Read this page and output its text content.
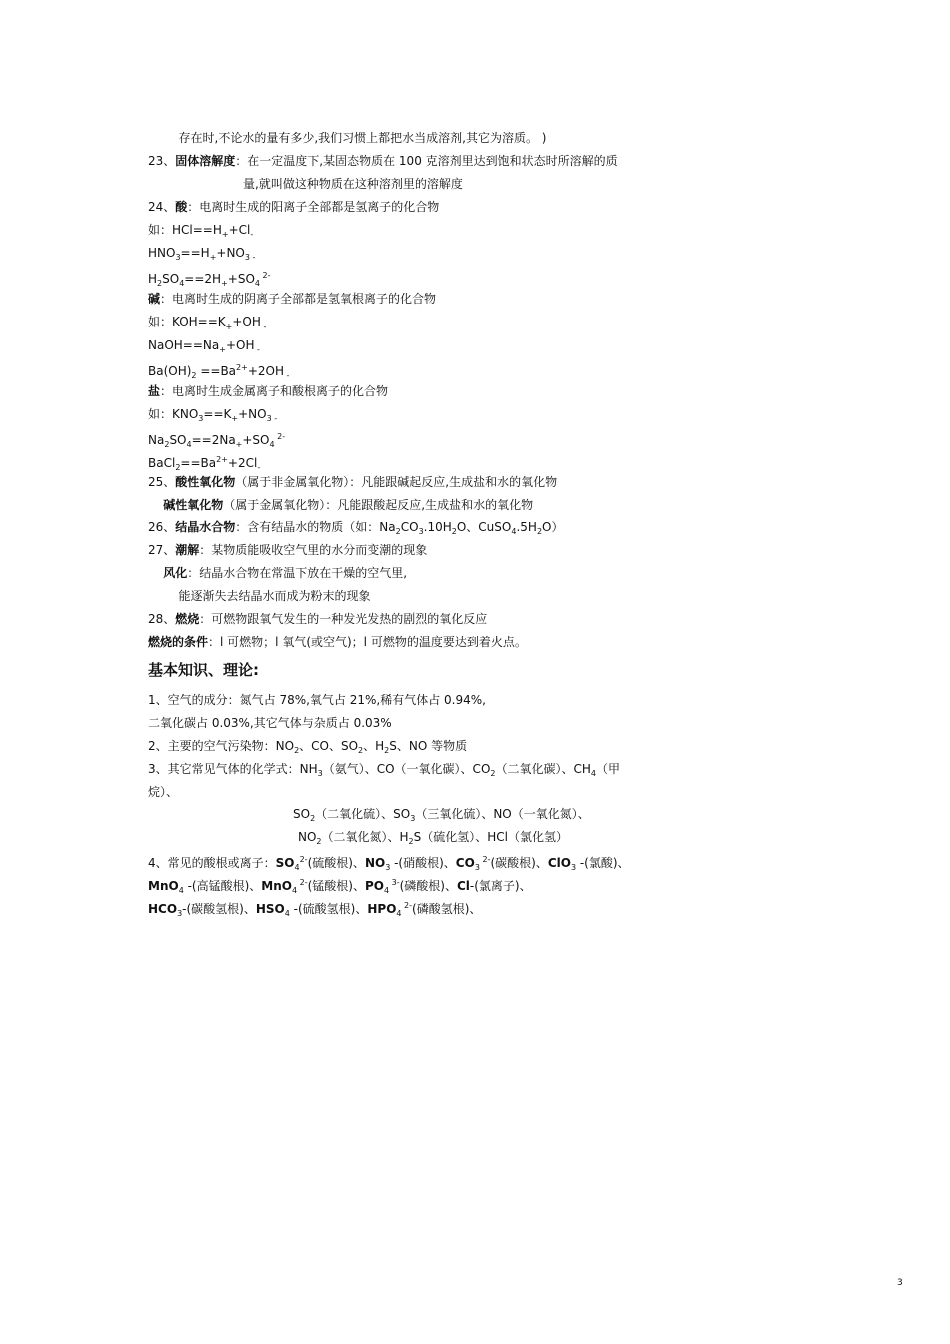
存在时,不论水的量有多少,我们习惯上都把水当成溶剂,其它为溶质。 )
23、固体溶解度：在一定温度下,某固态物质在 100 克溶剂里达到饱和状态时所溶解的质
量,就叫做这种物质在这种溶剂里的溶解度
24、酸：电离时生成的阳离子全部都是氢离子的化合物
如：$HCl==H_++Cl_-$
$HNO_3==H_++NO_3$ $_-$
$H_2SO_4==2H_++SO_4$ $^{2-}$
碱：电离时生成的阴离子全部都是氢氧根离子的化合物
如：$KOH==K_++OH$ $_-$
$NaOH==Na_++OH$ $_-$
$Ba(OH)_2 ==Ba^{2+}+2OH$ $_-$
盐：电离时生成金属离子和酸根离子的化合物
如：$KNO_3==K_++NO_3$ $_-$
$Na_2SO_4==2Na_++SO_4$ $^{2-}$
$BaCl_2==Ba^{2+}+2Cl_-$
25、酸性氧化物（属于非金属氧化物）：凡能跟碱起反应,生成盐和水的氧化物
碱性氧化物（属于金属氧化物）：凡能跟酸起反应,生成盐和水的氧化物
26、结晶水合物：含有结晶水的物质（如：$Na_2CO_3.10H_2O$、$CuSO_4.5H_2O$）
27、潮解：某物质能吸收空气里的水分而变潮的现象
风化：结晶水合物在常温下放在干燥的空气里,
能逐渐失去结晶水而成为粉末的现象
28、燃烧：可燃物跟氧气发生的一种发光发热的剧烈的氧化反应
燃烧的条件：l 可燃物；l 氧气(或空气)；l 可燃物的温度要达到着火点。
基本知识、理论:
1、空气的成分：氮气占 78%,氧气占 21%,稀有气体占 0.94%,
二氧化碳占 0.03%,其它气体与杂质占 0.03%
2、主要的空气污染物：$NO_2$、CO、$SO_2$、$H_2S$、NO 等物质
3、其它常见气体的化学式：$NH_3$（氨气）、CO（一氧化碳）、$CO_2$（二氧化碳）、$CH_4$（甲
烷）、
$SO_2$（二氧化硫）、$SO_3$（三氧化硫）、NO（一氧化氮）、
$NO_2$（二氧化氮）、$H_2S$（硫化氢）、HCl（氯化氢）
4、常见的酸根或离子：$SO_4^{2-}$(硫酸根)、$NO_3$ -(硝酸根)、$CO_3$ $^{2-}$(碳酸根)、ClO$_3$ -(氯酸)、
MnO$_4$ -(高锰酸根)、MnO$_4$ $^{2-}$(锰酸根)、$PO_4$ $^{3-}$(磷酸根)、Cl-(氯离子)、
$HCO_3-$(碳酸氢根)、$HSO_4$ -(硫酸氢根)、$HPO_4$ $^{2-}$(磷酸氢根)、
3
